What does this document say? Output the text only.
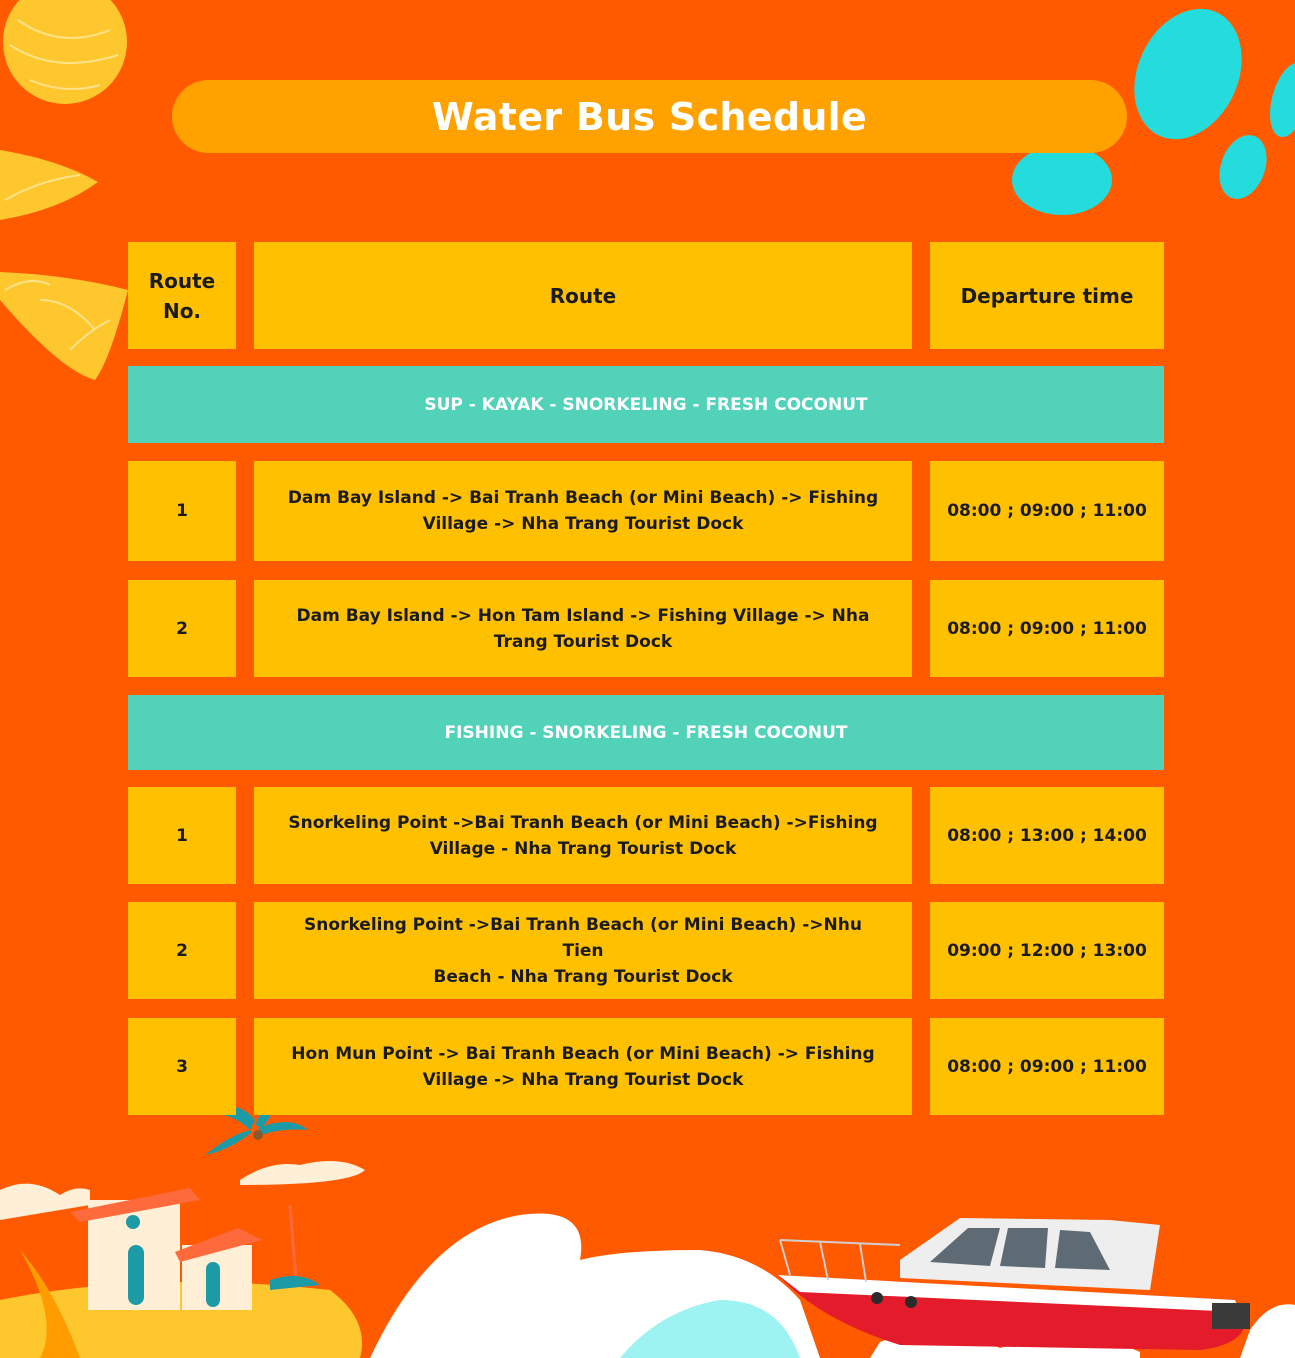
Water Bus Schedule
Route
No.
Route	Departure time
SUP - KAYAK - SNORKELING - FRESH COCONUT
1
Dam Bay Island -> Bai Tranh Beach (or Mini Beach) -> Fishing
Village -> Nha Trang Tourist Dock
08:00 ; 09:00 ; 11:00
2
Dam Bay Island -> Hon Tam Island -> Fishing Village -> Nha
Trang Tourist Dock
08:00 ; 09:00 ; 11:00
FISHING - SNORKELING - FRESH COCONUT
1
Snorkeling Point ->Bai Tranh Beach (or Mini Beach) ->Fishing
Village - Nha Trang Tourist Dock
08:00 ; 13:00 ; 14:00
2
Snorkeling Point ->Bai Tranh Beach (or Mini Beach) ->Nhu Tien
Beach - Nha Trang Tourist Dock
09:00 ; 12:00 ; 13:00
3
Hon Mun Point -> Bai Tranh Beach (or Mini Beach) -> Fishing
Village -> Nha Trang Tourist Dock
08:00 ; 09:00 ; 11:00
